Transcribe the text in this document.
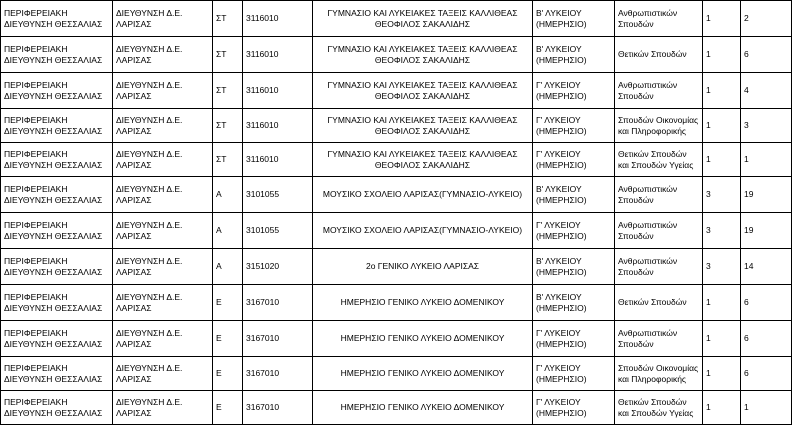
ΠΕΡΙΦΕΡΕΙΑΚΗ ΔΙΕΥΘΥΝΣΗ ΘΕΣΣΑΛΙΑΣ	ΔΙΕΥΘΥΝΣΗ Δ.Ε. ΛΑΡΙΣΑΣ	ΣΤ	3116010	ΓΥΜΝΑΣΙΟ ΚΑΙ ΛΥΚΕΙΑΚΕΣ ΤΑΞΕΙΣ ΚΑΛΛΙΘΕΑΣ ΘΕΟΦΙΛΟΣ ΣΑΚΑΛΙΔΗΣ	Β' ΛΥΚΕΙΟΥ (ΗΜΕΡΗΣΙΟ)	Ανθρωπιστικών Σπουδών	1	2
ΠΕΡΙΦΕΡΕΙΑΚΗ ΔΙΕΥΘΥΝΣΗ ΘΕΣΣΑΛΙΑΣ	ΔΙΕΥΘΥΝΣΗ Δ.Ε. ΛΑΡΙΣΑΣ	ΣΤ	3116010	ΓΥΜΝΑΣΙΟ ΚΑΙ ΛΥΚΕΙΑΚΕΣ ΤΑΞΕΙΣ ΚΑΛΛΙΘΕΑΣ ΘΕΟΦΙΛΟΣ ΣΑΚΑΛΙΔΗΣ	Β' ΛΥΚΕΙΟΥ (ΗΜΕΡΗΣΙΟ)	Θετικών Σπουδών	1	6
ΠΕΡΙΦΕΡΕΙΑΚΗ ΔΙΕΥΘΥΝΣΗ ΘΕΣΣΑΛΙΑΣ	ΔΙΕΥΘΥΝΣΗ Δ.Ε. ΛΑΡΙΣΑΣ	ΣΤ	3116010	ΓΥΜΝΑΣΙΟ ΚΑΙ ΛΥΚΕΙΑΚΕΣ ΤΑΞΕΙΣ ΚΑΛΛΙΘΕΑΣ ΘΕΟΦΙΛΟΣ ΣΑΚΑΛΙΔΗΣ	Γ' ΛΥΚΕΙΟΥ (ΗΜΕΡΗΣΙΟ)	Ανθρωπιστικών Σπουδών	1	4
ΠΕΡΙΦΕΡΕΙΑΚΗ ΔΙΕΥΘΥΝΣΗ ΘΕΣΣΑΛΙΑΣ	ΔΙΕΥΘΥΝΣΗ Δ.Ε. ΛΑΡΙΣΑΣ	ΣΤ	3116010	ΓΥΜΝΑΣΙΟ ΚΑΙ ΛΥΚΕΙΑΚΕΣ ΤΑΞΕΙΣ ΚΑΛΛΙΘΕΑΣ ΘΕΟΦΙΛΟΣ ΣΑΚΑΛΙΔΗΣ	Γ' ΛΥΚΕΙΟΥ (ΗΜΕΡΗΣΙΟ)	Σπουδών Οικονομίας και Πληροφορικής	1	3
ΠΕΡΙΦΕΡΕΙΑΚΗ ΔΙΕΥΘΥΝΣΗ ΘΕΣΣΑΛΙΑΣ	ΔΙΕΥΘΥΝΣΗ Δ.Ε. ΛΑΡΙΣΑΣ	ΣΤ	3116010	ΓΥΜΝΑΣΙΟ ΚΑΙ ΛΥΚΕΙΑΚΕΣ ΤΑΞΕΙΣ ΚΑΛΛΙΘΕΑΣ ΘΕΟΦΙΛΟΣ ΣΑΚΑΛΙΔΗΣ	Γ' ΛΥΚΕΙΟΥ (ΗΜΕΡΗΣΙΟ)	Θετικών Σπουδών και Σπουδών Υγείας	1	1
ΠΕΡΙΦΕΡΕΙΑΚΗ ΔΙΕΥΘΥΝΣΗ ΘΕΣΣΑΛΙΑΣ	ΔΙΕΥΘΥΝΣΗ Δ.Ε. ΛΑΡΙΣΑΣ	Α	3101055	ΜΟΥΣΙΚΟ ΣΧΟΛΕΙΟ ΛΑΡΙΣΑΣ(ΓΥΜΝΑΣΙΟ-ΛΥΚΕΙΟ)	Β' ΛΥΚΕΙΟΥ (ΗΜΕΡΗΣΙΟ)	Ανθρωπιστικών Σπουδών	3	19
ΠΕΡΙΦΕΡΕΙΑΚΗ ΔΙΕΥΘΥΝΣΗ ΘΕΣΣΑΛΙΑΣ	ΔΙΕΥΘΥΝΣΗ Δ.Ε. ΛΑΡΙΣΑΣ	Α	3101055	ΜΟΥΣΙΚΟ ΣΧΟΛΕΙΟ ΛΑΡΙΣΑΣ(ΓΥΜΝΑΣΙΟ-ΛΥΚΕΙΟ)	Γ' ΛΥΚΕΙΟΥ (ΗΜΕΡΗΣΙΟ)	Ανθρωπιστικών Σπουδών	3	19
ΠΕΡΙΦΕΡΕΙΑΚΗ ΔΙΕΥΘΥΝΣΗ ΘΕΣΣΑΛΙΑΣ	ΔΙΕΥΘΥΝΣΗ Δ.Ε. ΛΑΡΙΣΑΣ	Α	3151020	2ο ΓΕΝΙΚΟ ΛΥΚΕΙΟ ΛΑΡΙΣΑΣ	Β' ΛΥΚΕΙΟΥ (ΗΜΕΡΗΣΙΟ)	Ανθρωπιστικών Σπουδών	3	14
ΠΕΡΙΦΕΡΕΙΑΚΗ ΔΙΕΥΘΥΝΣΗ ΘΕΣΣΑΛΙΑΣ	ΔΙΕΥΘΥΝΣΗ Δ.Ε. ΛΑΡΙΣΑΣ	Ε	3167010	ΗΜΕΡΗΣΙΟ ΓΕΝΙΚΟ ΛΥΚΕΙΟ ΔΟΜΕΝΙΚΟΥ	Β' ΛΥΚΕΙΟΥ (ΗΜΕΡΗΣΙΟ)	Θετικών Σπουδών	1	6
ΠΕΡΙΦΕΡΕΙΑΚΗ ΔΙΕΥΘΥΝΣΗ ΘΕΣΣΑΛΙΑΣ	ΔΙΕΥΘΥΝΣΗ Δ.Ε. ΛΑΡΙΣΑΣ	Ε	3167010	ΗΜΕΡΗΣΙΟ ΓΕΝΙΚΟ ΛΥΚΕΙΟ ΔΟΜΕΝΙΚΟΥ	Γ' ΛΥΚΕΙΟΥ (ΗΜΕΡΗΣΙΟ)	Ανθρωπιστικών Σπουδών	1	6
ΠΕΡΙΦΕΡΕΙΑΚΗ ΔΙΕΥΘΥΝΣΗ ΘΕΣΣΑΛΙΑΣ	ΔΙΕΥΘΥΝΣΗ Δ.Ε. ΛΑΡΙΣΑΣ	Ε	3167010	ΗΜΕΡΗΣΙΟ ΓΕΝΙΚΟ ΛΥΚΕΙΟ ΔΟΜΕΝΙΚΟΥ	Γ' ΛΥΚΕΙΟΥ (ΗΜΕΡΗΣΙΟ)	Σπουδών Οικονομίας και Πληροφορικής	1	6
ΠΕΡΙΦΕΡΕΙΑΚΗ ΔΙΕΥΘΥΝΣΗ ΘΕΣΣΑΛΙΑΣ	ΔΙΕΥΘΥΝΣΗ Δ.Ε. ΛΑΡΙΣΑΣ	Ε	3167010	ΗΜΕΡΗΣΙΟ ΓΕΝΙΚΟ ΛΥΚΕΙΟ ΔΟΜΕΝΙΚΟΥ	Γ' ΛΥΚΕΙΟΥ (ΗΜΕΡΗΣΙΟ)	Θετικών Σπουδών και Σπουδών Υγείας	1	1
